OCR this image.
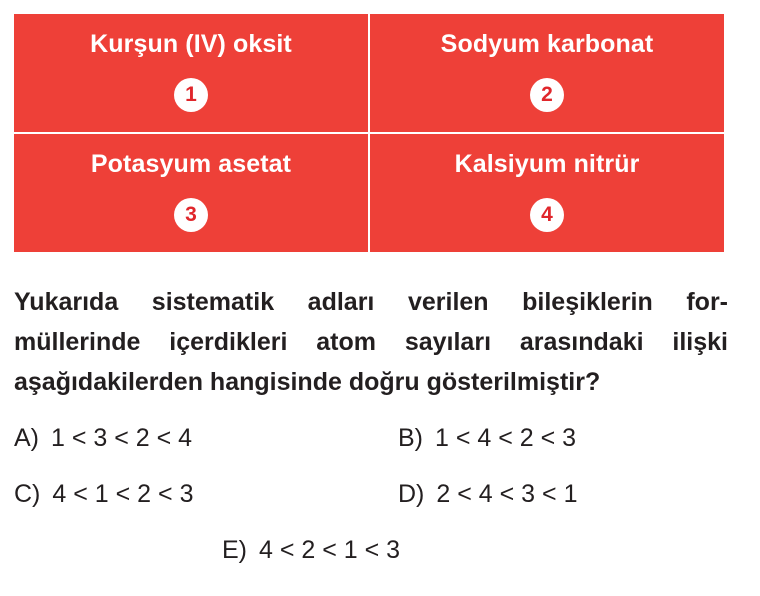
Kurşun (IV) oksit
1
Sodyum karbonat
2
Potasyum asetat
3
Kalsiyum nitrür
4
Yukarıda sistematik adları verilen bileşiklerin for-
müllerinde içerdikleri atom sayıları arasındaki ilişki
aşağıdakilerden hangisinde doğru gösterilmiştir?
A) 1 < 3 < 2 < 4	B) 1 < 4 < 2 < 3
C) 4 < 1 < 2 < 3	D) 2 < 4 < 3 < 1
E) 4 < 2 < 1 < 3
